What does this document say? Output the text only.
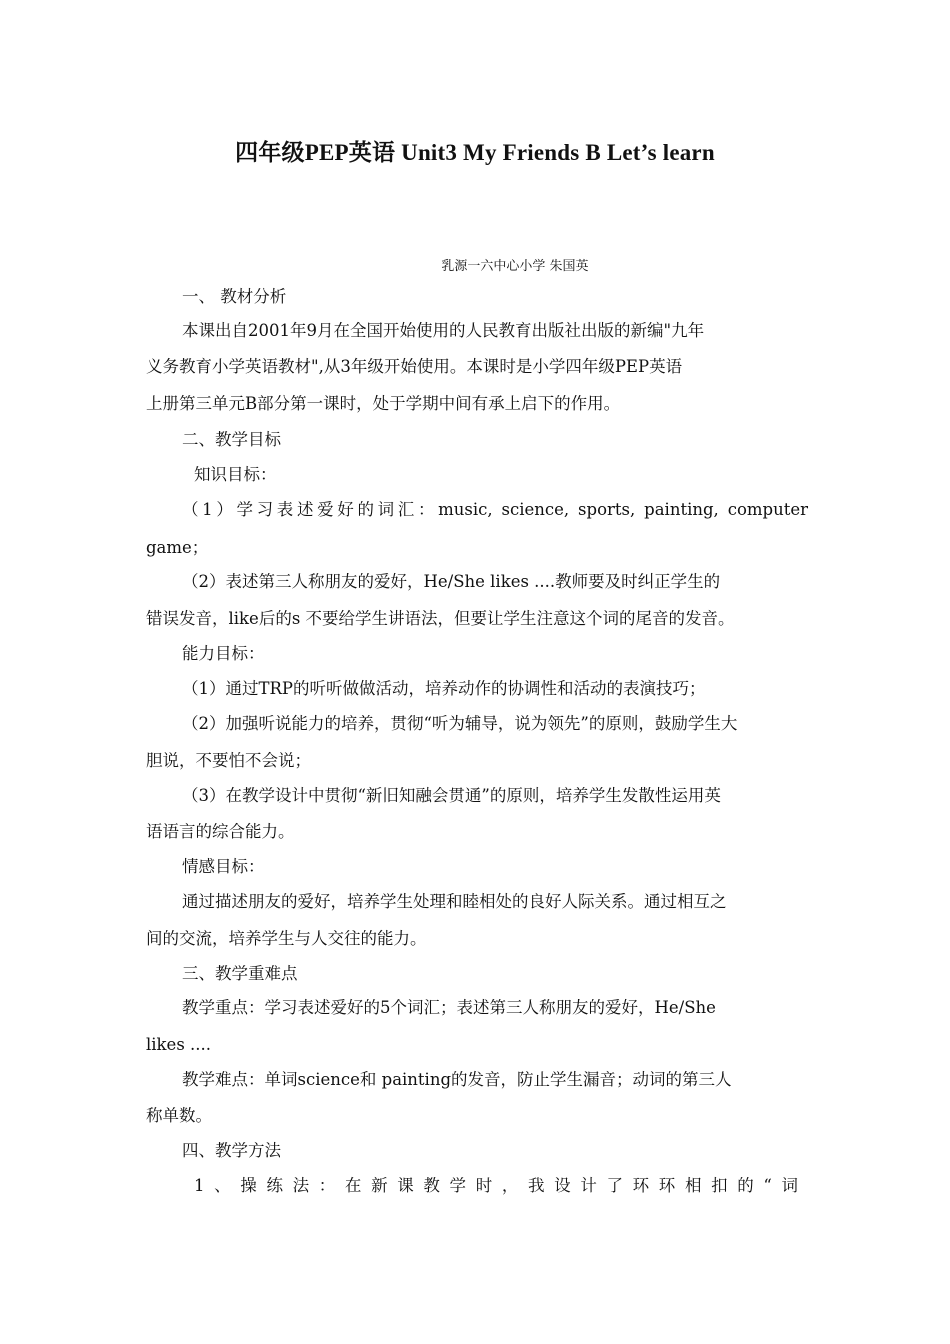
四年级PEP英语 Unit3 My Friends B Let’s learn
乳源一六中心小学 朱国英
一、 教材分析
本课出自2001年9月在全国开始使用的人民教育出版社出版的新编"九年
义务教育小学英语教材",从3年级开始使用。本课时是小学四年级PEP英语
上册第三单元B部分第一课时，处于学期中间有承上启下的作用。
二、教学目标
知识目标：
（1）学习表述爱好的词汇：music, science, sports, painting, computer
game；
（2）表述第三人称朋友的爱好，He/She likes ....教师要及时纠正学生的
错误发音，like后的s 不要给学生讲语法，但要让学生注意这个词的尾音的发音。
能力目标：
（1）通过TRP的听听做做活动，培养动作的协调性和活动的表演技巧；
（2）加强听说能力的培养，贯彻“听为辅导，说为领先”的原则，鼓励学生大
胆说，不要怕不会说；
（3）在教学设计中贯彻“新旧知融会贯通”的原则，培养学生发散性运用英
语语言的综合能力。
情感目标：
通过描述朋友的爱好，培养学生处理和睦相处的良好人际关系。通过相互之
间的交流，培养学生与人交往的能力。
三、教学重难点
教学重点：学习表述爱好的5个词汇；表述第三人称朋友的爱好，He/She
likes ....
教学难点：单词science和 painting的发音，防止学生漏音；动词的第三人
称单数。
四、教学方法
1、操练法：在新课教学时，我设计了环环相扣的“词
